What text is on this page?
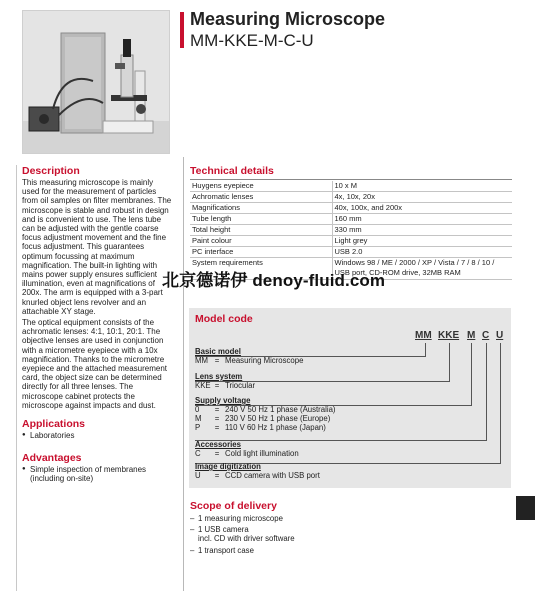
Measuring Microscope
MM-KKE-M-C-U
Description

This measuring microscope is mainly used for the measurement of particles from oil samples on filter membranes. The microscope is stable and robust in design and is convenient to use. The lens tube can be adjusted with the gentle coarse focus adjustment movement and the fine focus adjustment. This guarantees optimum focussing at maximum magnification. The built-in lighting with mains power supply ensures sufficient illumination, even at magnifications of 200x. The arm is equipped with a 3-part knurled object lens revolver and an attachable XY stage.

The optical equipment consists of the achromatic lenses: 4:1, 10:1, 20:1. The objective lenses are used in conjunction with a micrometre eyepiece with a 10x magnification. Thanks to the micrometre eyepiece and the attached measurement card, the object size can be determined directly for all three lenses. The microscope cabinet protects the microscope against impacts and dust.

Applications
● Laboratories
Advantages
● Simple inspection of membranes (including on-site)
Technical details
Huygens eyepiece	10 x M
Achromatic lenses	4x, 10x, 20x
Magnifications	40x, 100x, and 200x
Tube length	160 mm
Total height	330 mm
Paint colour	Light grey
PC interface	USB 2.0
System requirements	Windows 98 / ME / 2000 / XP / Vista / 7 / 8 / 10 / USB port, CD-ROM drive, 32MB RAM
北京德诺伊 denoy-fluid.com
Model code
MM KKE M C U
Basic model
MM = Measuring Microscope
Lens system
KKE = Triocular
Supply voltage
0	= 240 V 50 Hz 1 phase (Australia)
M	= 230 V 50 Hz 1 phase (Europe)
P	= 110 V 60 Hz 1 phase (Japan)
Accessories
C	= Cold light illumination
Image digitization
U	= CCD camera with USB port
Scope of delivery
– 1 measuring microscope
– 1 USB camera
incl. CD with driver software
– 1 transport case
